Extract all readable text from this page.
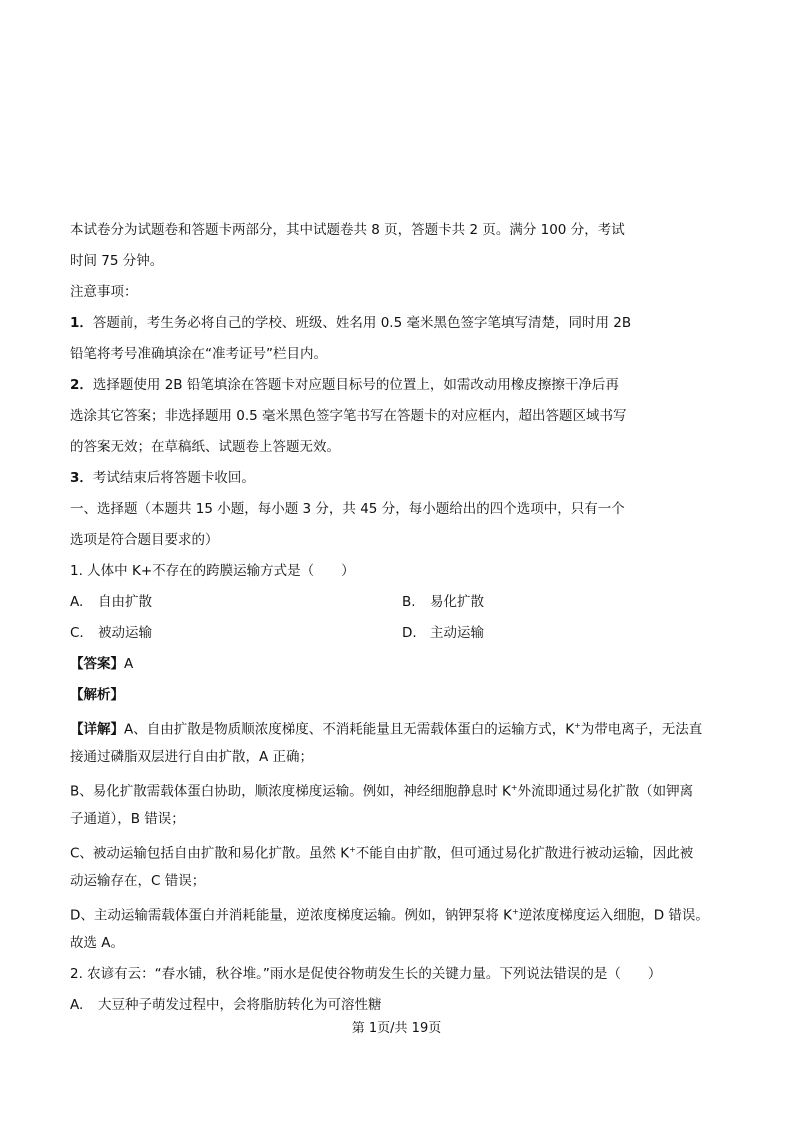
本试卷分为试题卷和答题卡两部分，其中试题卷共 8 页，答题卡共 2 页。满分 100 分，考试
时间 75 分钟。
注意事项：
1．答题前，考生务必将自己的学校、班级、姓名用 0.5 毫米黑色签字笔填写清楚，同时用 2B
铅笔将考号准确填涂在“准考证号”栏目内。
2．选择题使用 2B 铅笔填涂在答题卡对应题目标号的位置上，如需改动用橡皮擦擦干净后再
选涂其它答案；非选择题用 0.5 毫米黑色签字笔书写在答题卡的对应框内，超出答题区域书写
的答案无效；在草稿纸、试题卷上答题无效。
3．考试结束后将答题卡收回。
一、选择题（本题共 15 小题，每小题 3 分，共 45 分，每小题给出的四个选项中，只有一个
选项是符合题目要求的）
1. 人体中 K+不存在的跨膜运输方式是（　　）
A. 自由扩散	B. 易化扩散
C. 被动运输	D. 主动运输
【答案】A
【解析】
【详解】A、自由扩散是物质顺浓度梯度、不消耗能量且无需载体蛋白的运输方式，K+为带电离子，无法直
接通过磷脂双层进行自由扩散，A 正确；
B、易化扩散需载体蛋白协助，顺浓度梯度运输。例如，神经细胞静息时 K+外流即通过易化扩散（如钾离
子通道），B 错误；
C、被动运输包括自由扩散和易化扩散。虽然 K+不能自由扩散，但可通过易化扩散进行被动运输，因此被
动运输存在，C 错误；
D、主动运输需载体蛋白并消耗能量，逆浓度梯度运输。例如，钠钾泵将 K+逆浓度梯度运入细胞，D 错误。
故选 A。
2. 农谚有云：“春水铺，秋谷堆。”雨水是促使谷物萌发生长的关键力量。下列说法错误的是（　　）
A. 大豆种子萌发过程中，会将脂肪转化为可溶性糖
第 1页/共 19页
